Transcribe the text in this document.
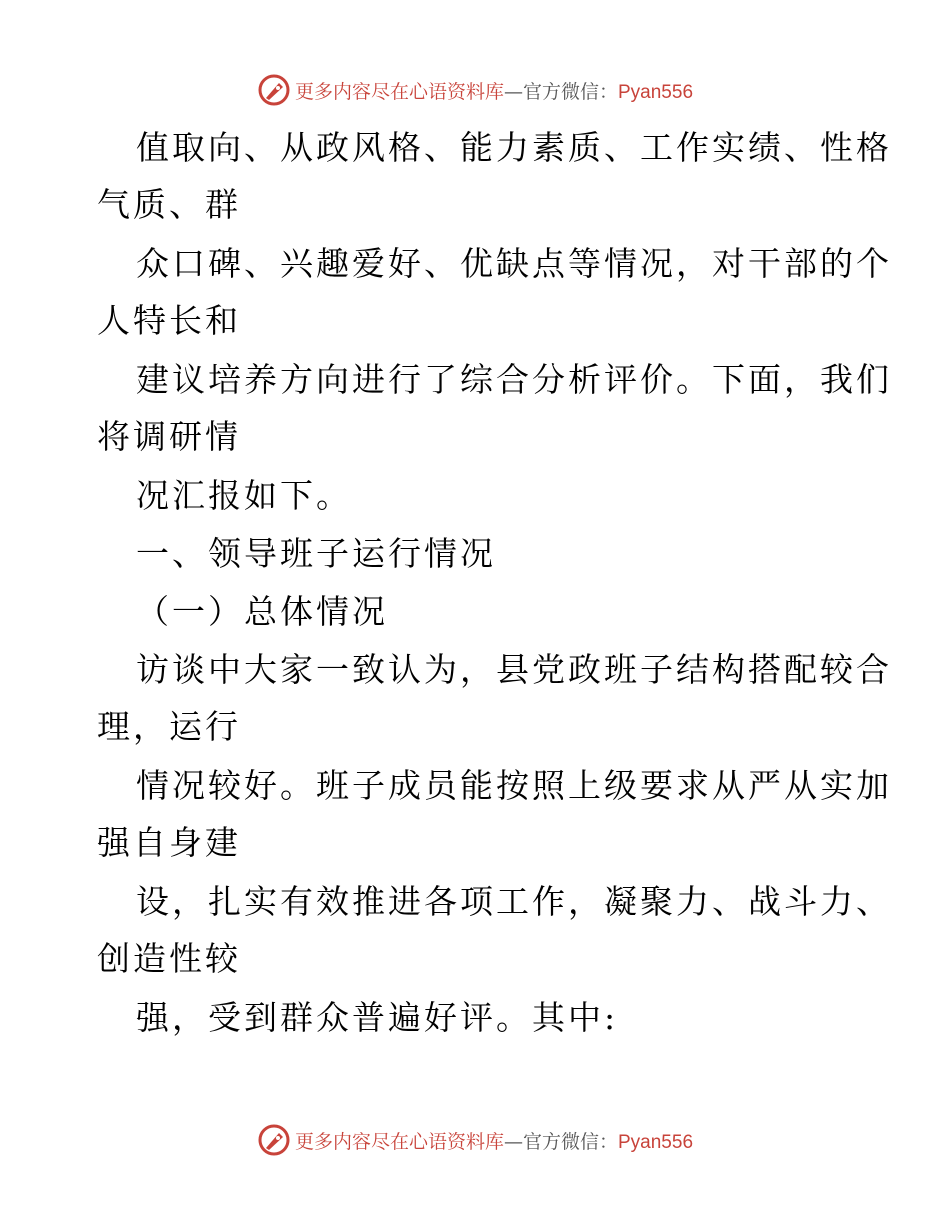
更多内容尽在心语资料库—官方微信：Pyan556
值取向、从政风格、能力素质、工作实绩、性格
气质、群
众口碑、兴趣爱好、优缺点等情况，对干部的个
人特长和
建议培养方向进行了综合分析评价。下面，我们
将调研情
况汇报如下。
一、领导班子运行情况
（一）总体情况
访谈中大家一致认为，县党政班子结构搭配较合
理，运行
情况较好。班子成员能按照上级要求从严从实加
强自身建
设，扎实有效推进各项工作，凝聚力、战斗力、
创造性较
强，受到群众普遍好评。其中:
更多内容尽在心语资料库—官方微信：Pyan556
